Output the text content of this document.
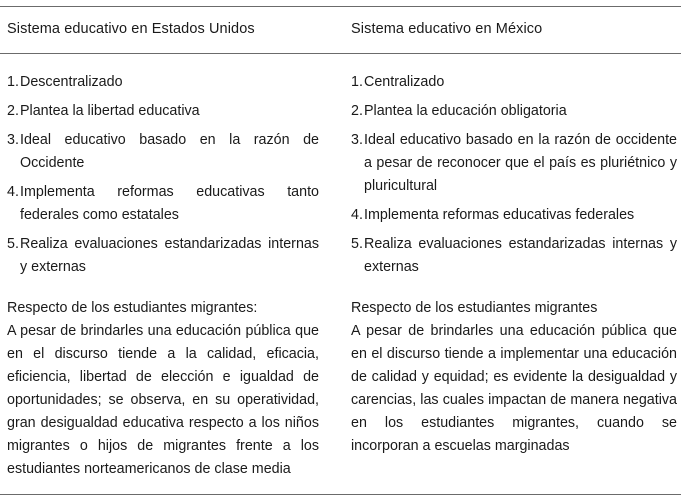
Sistema educativo en Estados Unidos
1. Descentralizado
2. Plantea la libertad educativa
3. Ideal educativo basado en la razón de Occidente
4. Implementa reformas educativas tanto federales como estatales
5. Realiza evaluaciones estandarizadas internas y externas
Respecto de los estudiantes migrantes:
A pesar de brindarles una educación pública que en el discurso tiende a la calidad, eficacia, eficiencia, libertad de elección e igualdad de oportunidades; se observa, en su operatividad, gran desigualdad educativa respecto a los niños migrantes o hijos de migrantes frente a los estudiantes norteamericanos de clase media
Sistema educativo en México
1. Centralizado
2. Plantea la educación obligatoria
3. Ideal educativo basado en la razón de occidente a pesar de reconocer que el país es pluriétnico y pluricultural
4. Implementa reformas educativas federales
5. Realiza evaluaciones estandarizadas internas y externas
Respecto de los estudiantes migrantes
A pesar de brindarles una educación pública que en el discurso tiende a implementar una educación de calidad y equidad; es evidente la desigualdad y carencias, las cuales impactan de manera negativa en los estudiantes migrantes, cuando se incorporan a escuelas marginadas
